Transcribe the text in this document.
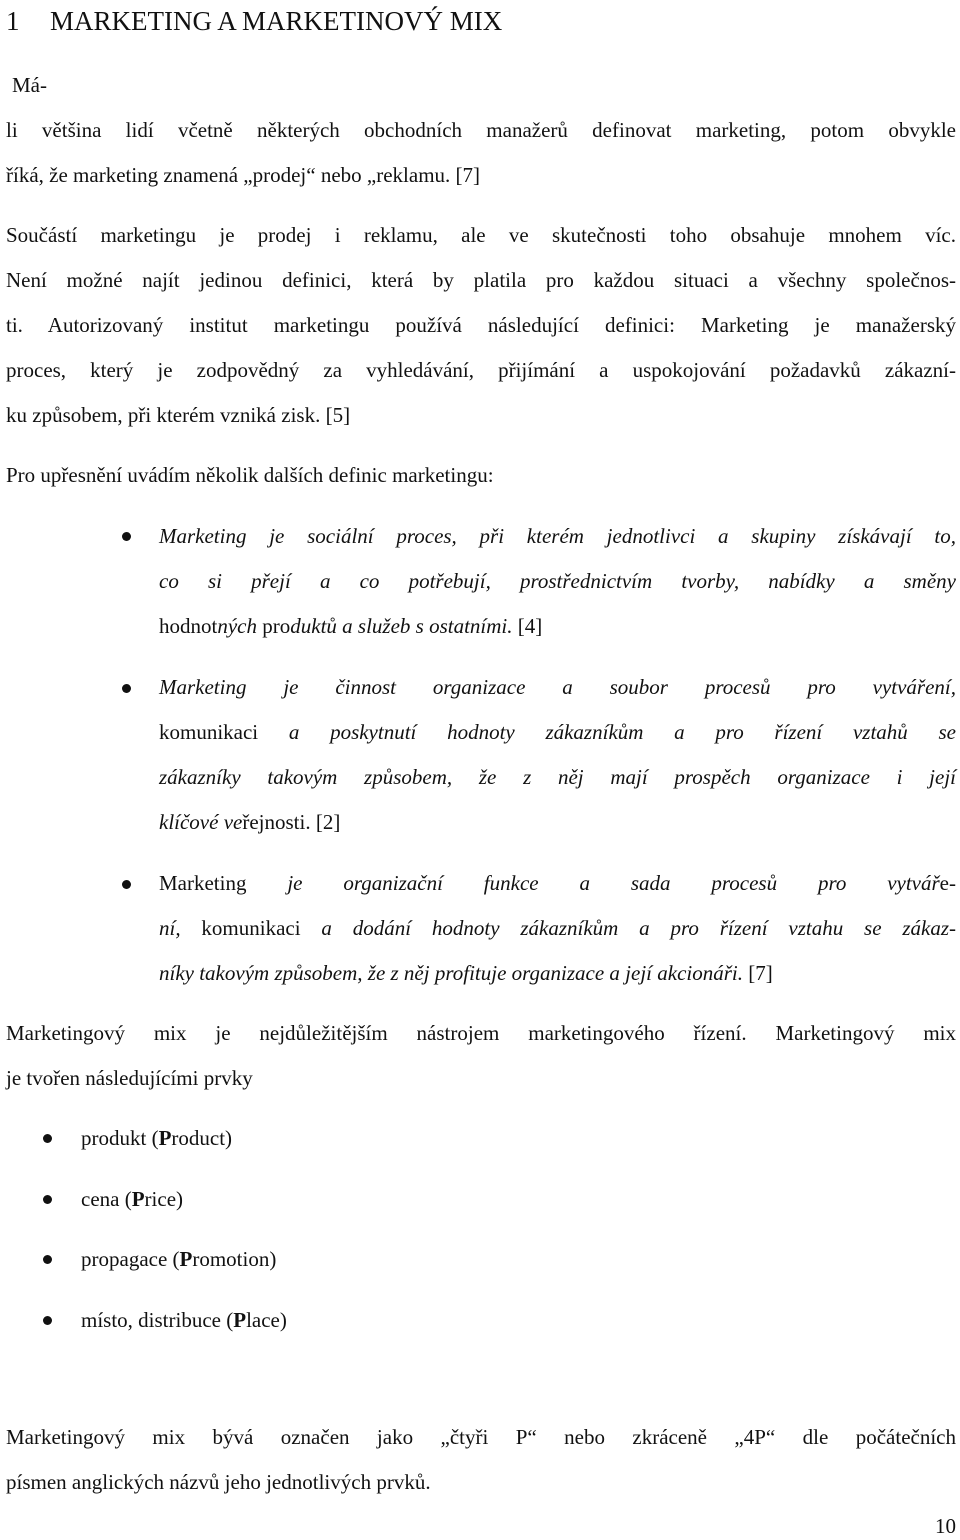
1 MARKETING A MARKETINOVÝ MIX

Má-

li většina lidí včetně některých obchodních manažerů definovat marketing, potom obvykle

říká, že marketing znamená „prodej“ nebo „reklamu. [7]

Součástí marketingu je prodej i reklamu, ale ve skutečnosti toho obsahuje mnohem víc.

Není možné najít jedinou definici, která by platila pro každou situaci a všechny společnos-

ti. Autorizovaný institut marketingu používá následující definici: Marketing je manažerský

proces, který je zodpovědný za vyhledávání, přijímání a uspokojování požadavků zákazní-

ku způsobem, při kterém vzniká zisk. [5]

Pro upřesnění uvádím několik dalších definic marketingu:

Marketing je sociální proces, při kterém jednotlivci a skupiny získávají to,

co si přejí a co potřebují, prostřednictvím tvorby, nabídky a směny

hodnotných produktů a služeb s ostatními. [4]

Marketing je činnost organizace a soubor procesů pro vytváření,

komunikaci a poskytnutí hodnoty zákazníkům a pro řízení vztahů se

zákazníky takovým způsobem, že z něj mají prospěch organizace i její

klíčové veřejnosti. [2]

Marketing je organizační funkce a sada procesů pro vytváře-

ní, komunikaci a dodání hodnoty zákazníkům a pro řízení vztahu se zákaz-

níky takovým způsobem, že z něj profituje organizace a její akcionáři. [7]

Marketingový mix je nejdůležitějším nástrojem marketingového řízení. Marketingový mix

je tvořen následujícími prvky

produkt (Product)

cena (Price)

propagace (Promotion)

místo, distribuce (Place)

Marketingový mix bývá označen jako „čtyři P“ nebo zkráceně „4P“ dle počátečních

písmen anglických názvů jeho jednotlivých prvků.

10
